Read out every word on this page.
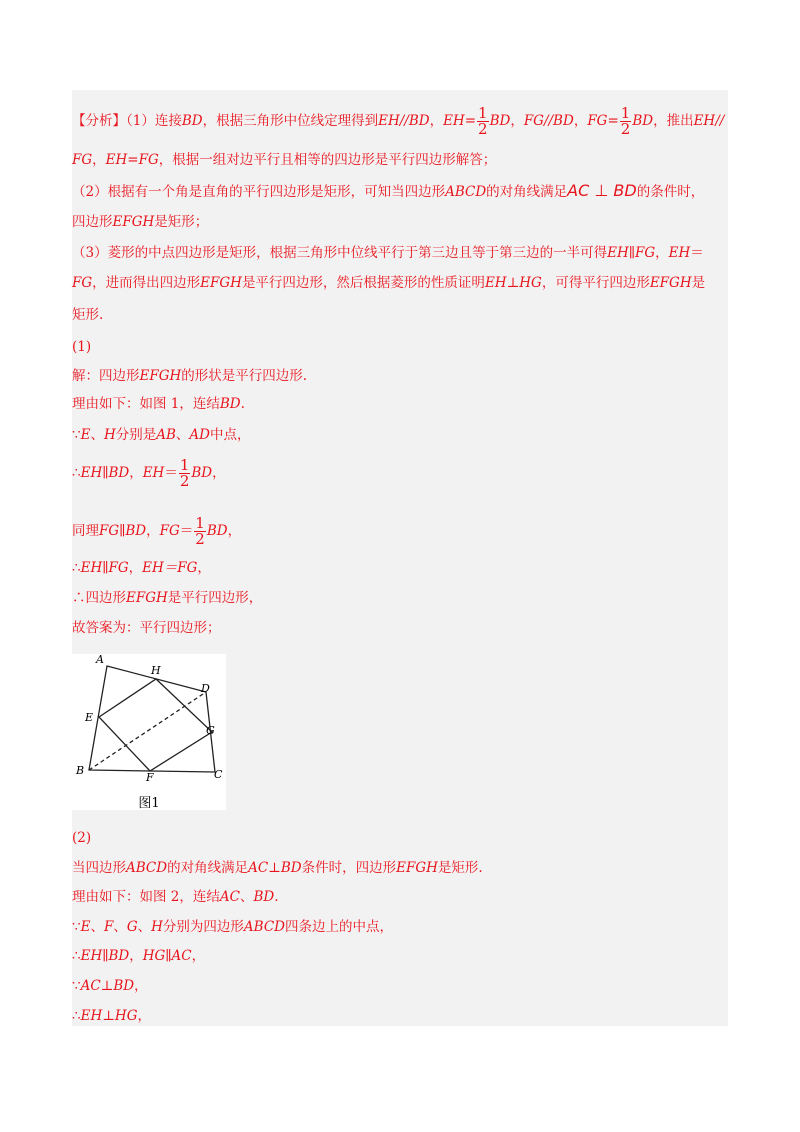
【分析】（1）连接BD，根据三角形中位线定理得到EH//BD，$EH= \frac{1}{2}$ BD，FG//BD，$FG= \frac{1}{2}$ BD，推出EH//
FG，EH=FG，根据一组对边平行且相等的四边形是平行四边形解答；
（2）根据有一个角是直角的平行四边形是矩形，可知当四边形ABCD的对角线满足AC ⊥ BD的条件时，
四边形EFGH是矩形；
（3）菱形的中点四边形是矩形，根据三角形中位线平行于第三边且等于第三边的一半可得EH∥FG，EH＝
FG，进而得出四边形EFGH是平行四边形，然后根据菱形的性质证明EH⊥HG，可得平行四边形EFGH是
矩形.
(1)
解：四边形EFGH的形状是平行四边形.
理由如下：如图 1，连结BD.
∵E、H分别是AB、AD中点，
∴EH∥BD，$EH= \frac{1}{2}$ BD，
同理FG∥BD，$FG= \frac{1}{2}$ BD，
∴EH∥FG，EH＝FG，
∴四边形EFGH是平行四边形，
故答案为：平行四边形；
A
B	C
D
E
F
G
H
图1
(2)
当四边形ABCD的对角线满足AC⊥BD条件时，四边形EFGH是矩形.
理由如下：如图 2，连结AC、BD.
∵E、F、G、H分别为四边形ABCD四条边上的中点，
∴EH∥BD，HG∥AC，
∵AC⊥BD，
∴EH⊥HG，
